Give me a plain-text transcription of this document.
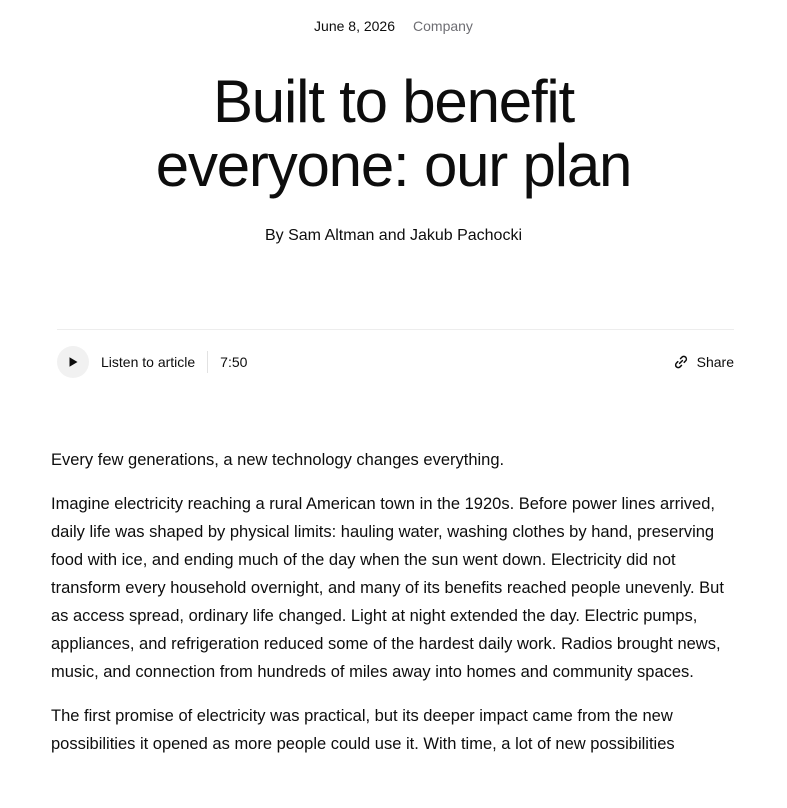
June 8, 2026 Company
Built to benefit
everyone: our plan
By Sam Altman and Jakub Pachocki
Listen to article 7:50	Share

Every few generations, a new technology changes everything.

Imagine electricity reaching a rural American town in the 1920s. Before power lines arrived, daily life was shaped by physical limits: hauling water, washing clothes by hand, preserving food with ice, and ending much of the day when the sun went down. Electricity did not transform every household overnight, and many of its benefits reached people unevenly. But as access spread, ordinary life changed. Light at night extended the day. Electric pumps, appliances, and refrigeration reduced some of the hardest daily work. Radios brought news, music, and connection from hundreds of miles away into homes and community spaces.

The first promise of electricity was practical, but its deeper impact came from the new possibilities it opened as more people could use it. With time, a lot of new possibilities
